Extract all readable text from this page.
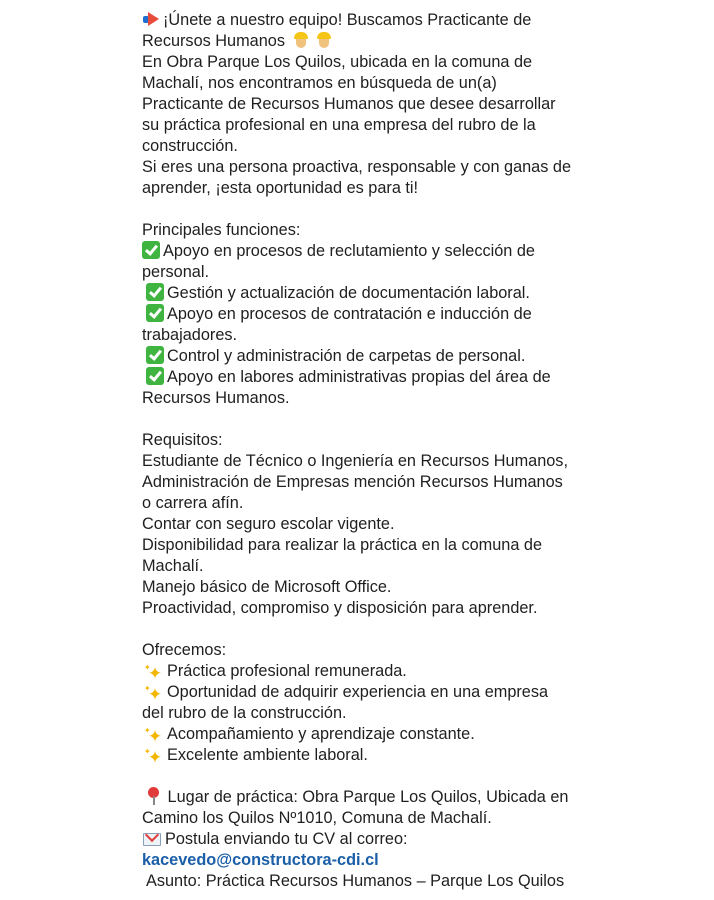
¡Únete a nuestro equipo! Buscamos Practicante de
Recursos Humanos
En Obra Parque Los Quilos, ubicada en la comuna de
Machalí, nos encontramos en búsqueda de un(a)
Practicante de Recursos Humanos que desee desarrollar
su práctica profesional en una empresa del rubro de la
construcción.
Si eres una persona proactiva, responsable y con ganas de
aprender, ¡esta oportunidad es para ti!
Principales funciones:
Apoyo en procesos de reclutamiento y selección de
personal.
Gestión y actualización de documentación laboral.
Apoyo en procesos de contratación e inducción de
trabajadores.
Control y administración de carpetas de personal.
Apoyo en labores administrativas propias del área de
Recursos Humanos.
Requisitos:
Estudiante de Técnico o Ingeniería en Recursos Humanos,
Administración de Empresas mención Recursos Humanos
o carrera afín.
Contar con seguro escolar vigente.
Disponibilidad para realizar la práctica en la comuna de
Machalí.
Manejo básico de Microsoft Office.
Proactividad, compromiso y disposición para aprender.
Ofrecemos:
✦ ✦Práctica profesional remunerada.
✦ ✦Oportunidad de adquirir experiencia en una empresa
del rubro de la construcción.
✦ ✦Acompañamiento y aprendizaje constante.
✦ ✦Excelente ambiente laboral.
Lugar de práctica: Obra Parque Los Quilos, Ubicada en
Camino los Quilos Nº1010, Comuna de Machalí.
Postula enviando tu CV al correo:
kacevedo@constructora-cdi.cl
Asunto: Práctica Recursos Humanos – Parque Los Quilos
